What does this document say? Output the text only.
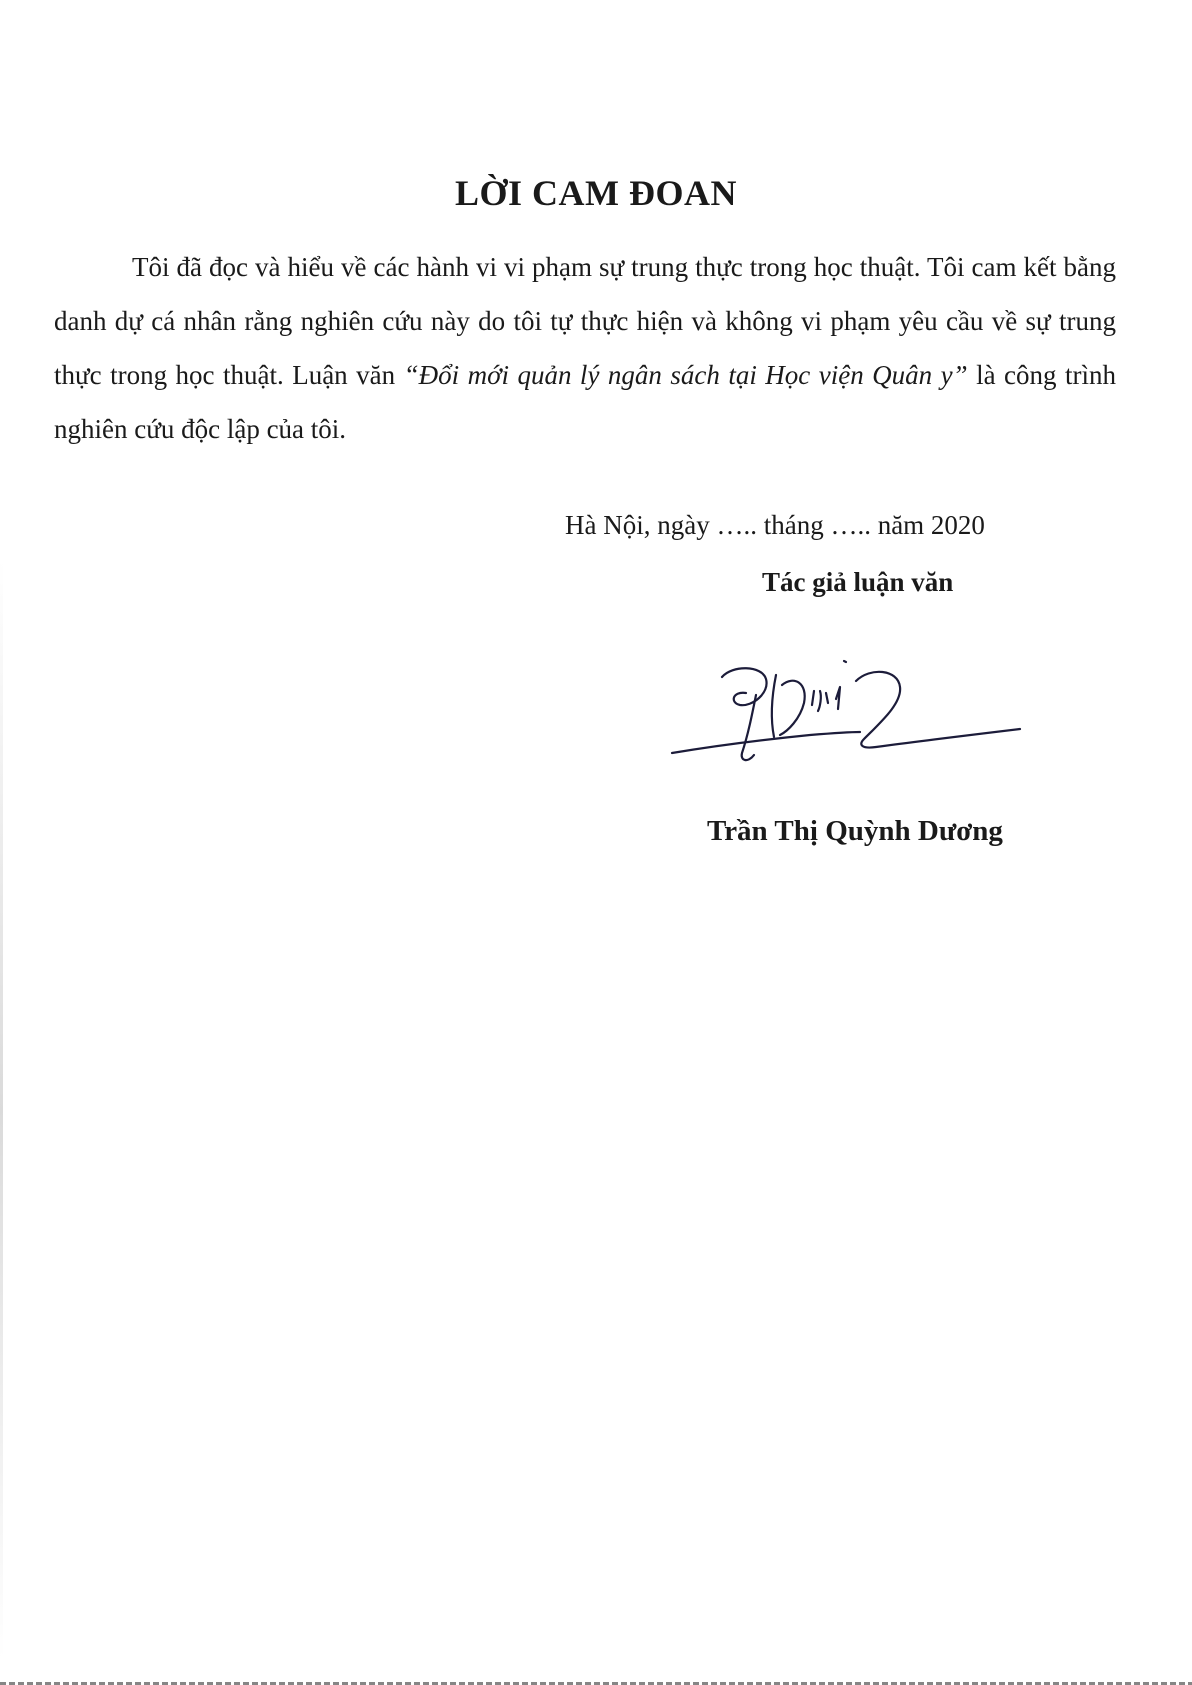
LỜI CAM ĐOAN
Tôi đã đọc và hiểu về các hành vi vi phạm sự trung thực trong học thuật. Tôi cam kết bằng danh dự cá nhân rằng nghiên cứu này do tôi tự thực hiện và không vi phạm yêu cầu về sự trung thực trong học thuật. Luận văn “Đổi mới quản lý ngân sách tại Học viện Quân y” là công trình nghiên cứu độc lập của tôi.
Hà Nội, ngày ….. tháng ….. năm 2020
Tác giả luận văn
Trần Thị Quỳnh Dương
